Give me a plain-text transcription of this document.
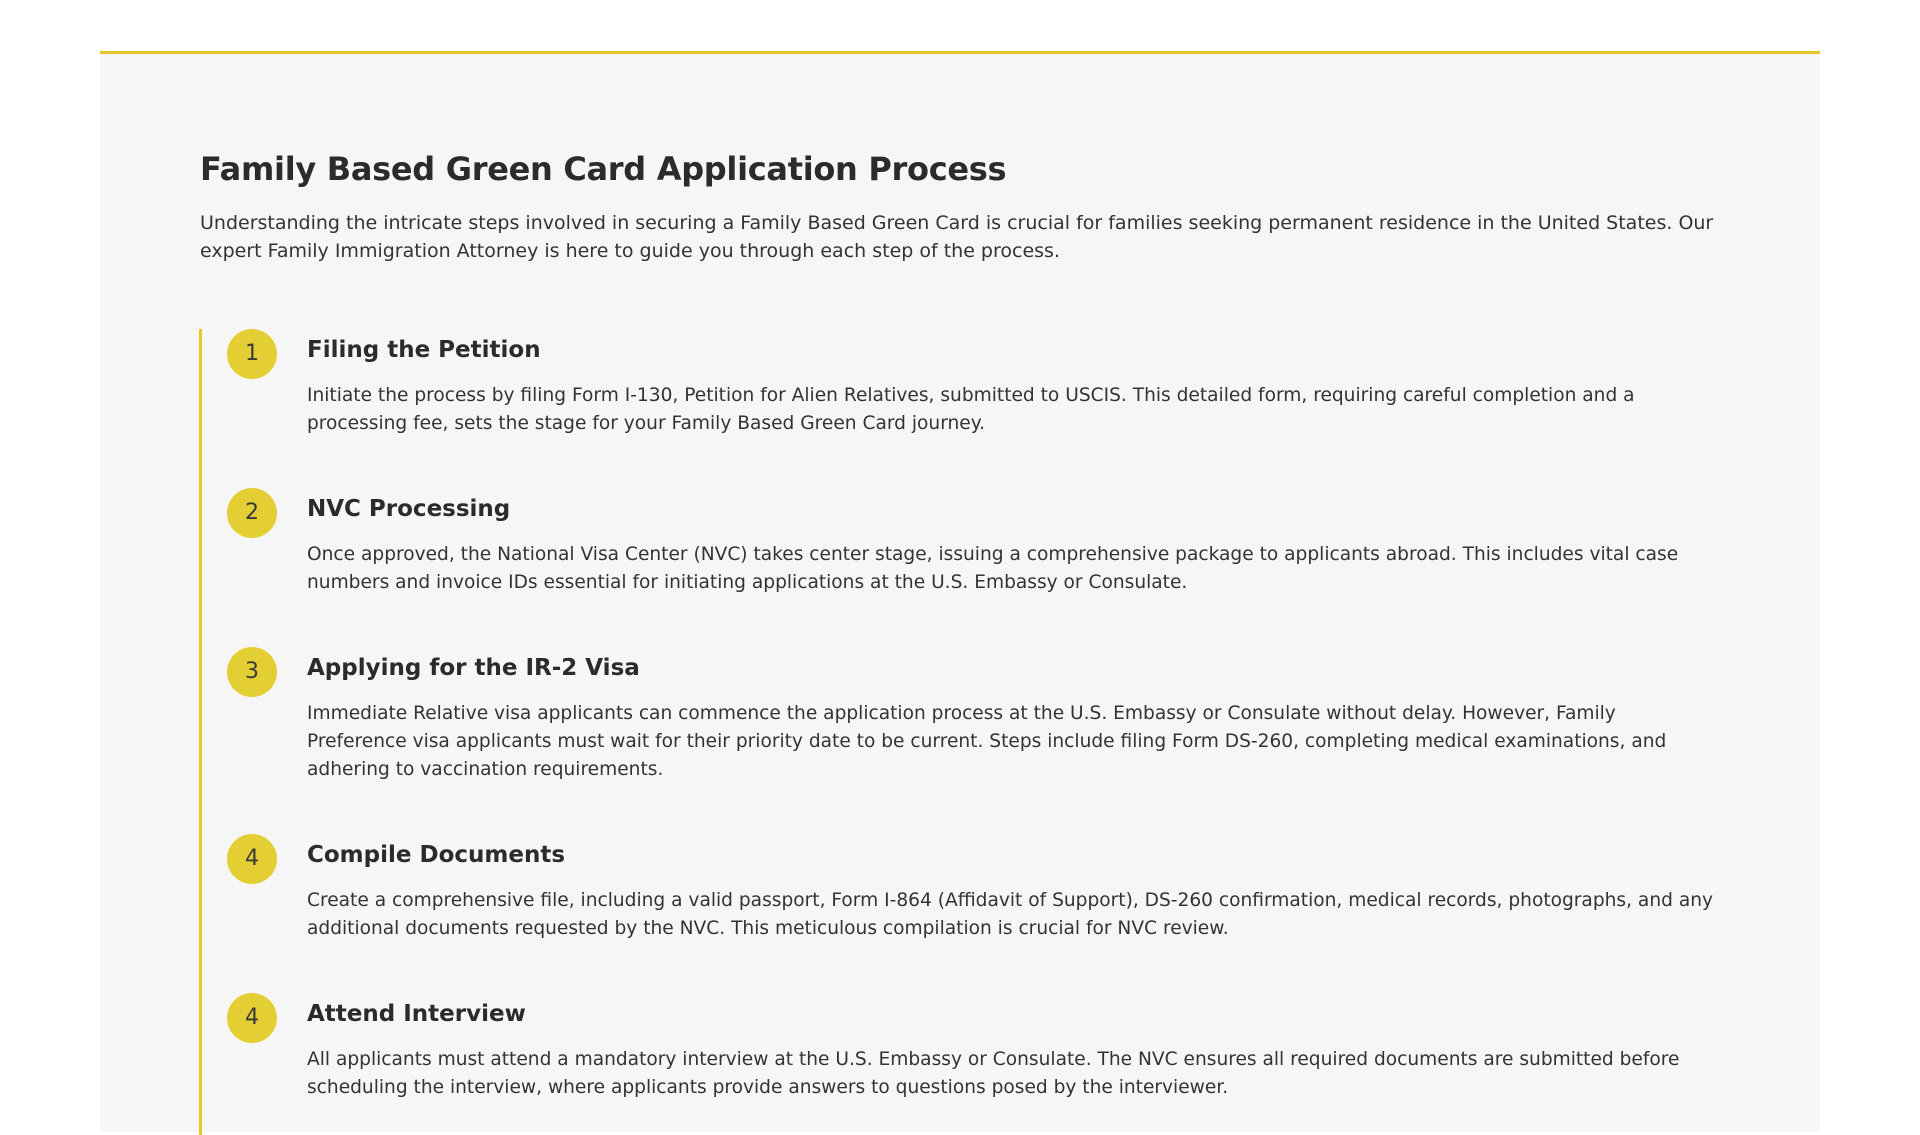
Family Based Green Card Application Process

Understanding the intricate steps involved in securing a Family Based Green Card is crucial for families seeking permanent residence in the United States. Our expert Family Immigration Attorney is here to guide you through each step of the process.

1	Filing the Petition

Initiate the process by filing Form I-130, Petition for Alien Relatives, submitted to USCIS. This detailed form, requiring careful completion and a processing fee, sets the stage for your Family Based Green Card journey.

2	NVC Processing

Once approved, the National Visa Center (NVC) takes center stage, issuing a comprehensive package to applicants abroad. This includes vital case numbers and invoice IDs essential for initiating applications at the U.S. Embassy or Consulate.

3	Applying for the IR-2 Visa

Immediate Relative visa applicants can commence the application process at the U.S. Embassy or Consulate without delay. However, Family Preference visa applicants must wait for their priority date to be current. Steps include filing Form DS-260, completing medical examinations, and adhering to vaccination requirements.

4	Compile Documents

Create a comprehensive file, including a valid passport, Form I-864 (Affidavit of Support), DS-260 confirmation, medical records, photographs, and any additional documents requested by the NVC. This meticulous compilation is crucial for NVC review.

4	Attend Interview

All applicants must attend a mandatory interview at the U.S. Embassy or Consulate. The NVC ensures all required documents are submitted before scheduling the interview, where applicants provide answers to questions posed by the interviewer.
